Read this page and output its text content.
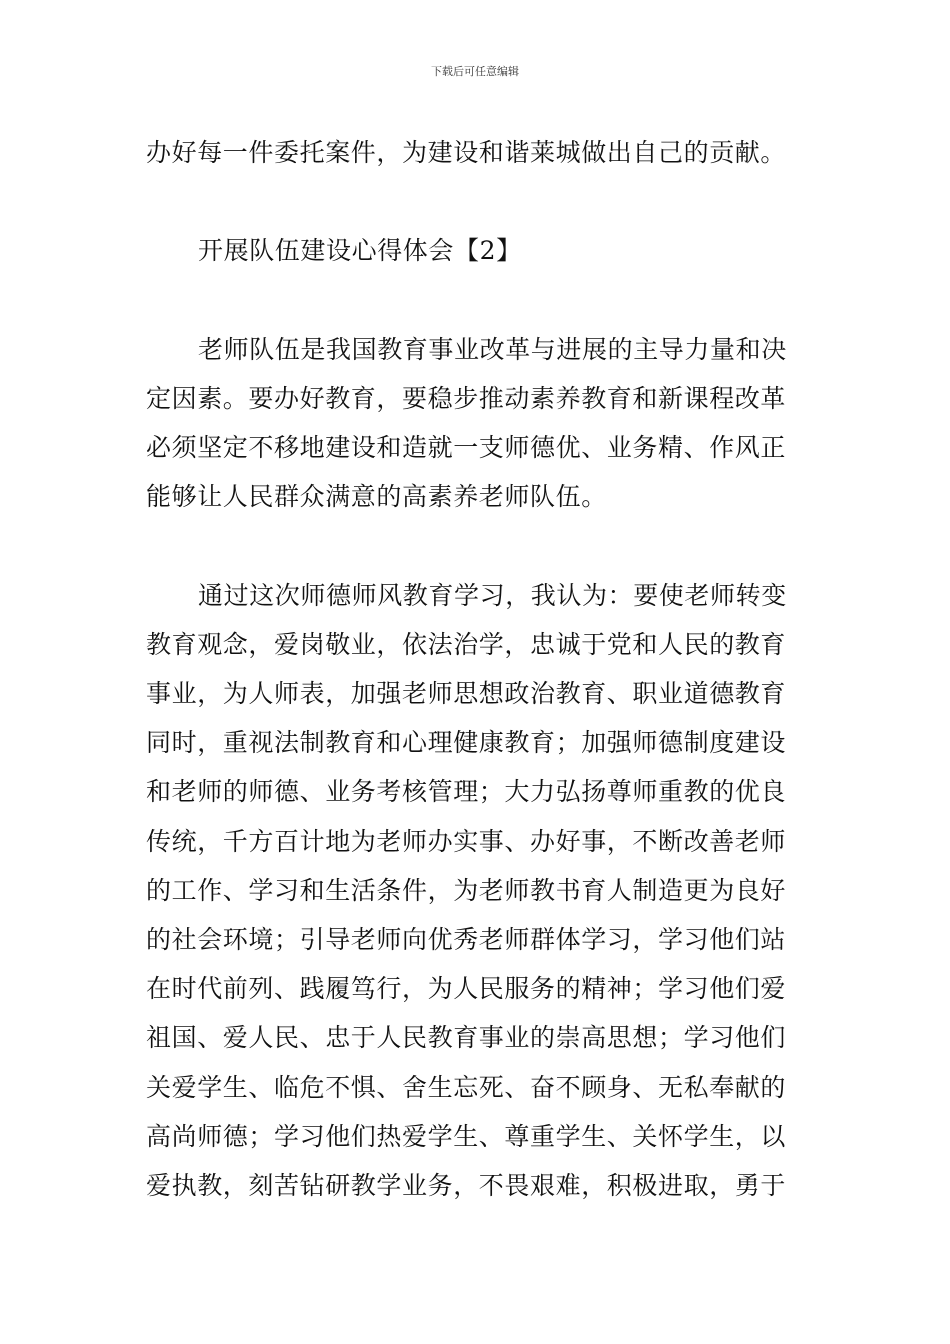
下载后可任意编辑
办好每一件委托案件，为建设和谐莱城做出自己的贡献。
开展队伍建设心得体会【2】
老师队伍是我国教育事业改革与进展的主导力量和决
定因素。要办好教育，要稳步推动素养教育和新课程改革
必须坚定不移地建设和造就一支师德优、业务精、作风正
能够让人民群众满意的高素养老师队伍。
通过这次师德师风教育学习，我认为：要使老师转变
教育观念，爱岗敬业，依法治学，忠诚于党和人民的教育
事业，为人师表，加强老师思想政治教育、职业道德教育
同时，重视法制教育和心理健康教育；加强师德制度建设
和老师的师德、业务考核管理；大力弘扬尊师重教的优良
传统，千方百计地为老师办实事、办好事，不断改善老师
的工作、学习和生活条件，为老师教书育人制造更为良好
的社会环境；引导老师向优秀老师群体学习，学习他们站
在时代前列、践履笃行，为人民服务的精神；学习他们爱
祖国、爱人民、忠于人民教育事业的崇高思想；学习他们
关爱学生、临危不惧、舍生忘死、奋不顾身、无私奉献的
高尚师德；学习他们热爱学生、尊重学生、关怀学生，以
爱执教，刻苦钻研教学业务，不畏艰难，积极进取，勇于
